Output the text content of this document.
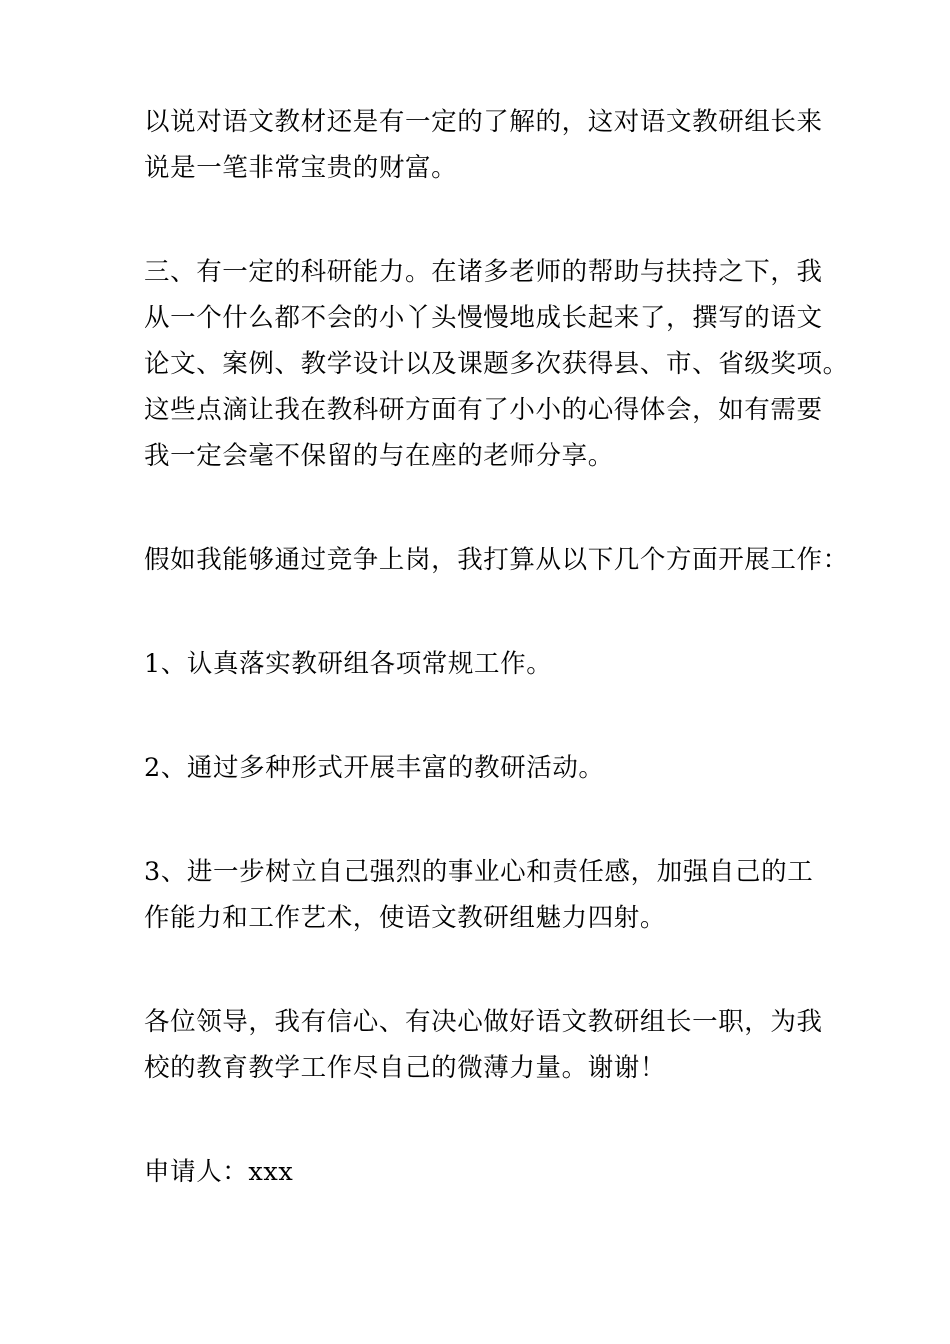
以说对语文教材还是有一定的了解的，这对语文教研组长来
说是一笔非常宝贵的财富。

三、有一定的科研能力。在诸多老师的帮助与扶持之下，我
从一个什么都不会的小丫头慢慢地成长起来了，撰写的语文
论文、案例、教学设计以及课题多次获得县、市、省级奖项。
这些点滴让我在教科研方面有了小小的心得体会，如有需要
我一定会毫不保留的与在座的老师分享。

假如我能够通过竞争上岗，我打算从以下几个方面开展工作：

1、认真落实教研组各项常规工作。

2、通过多种形式开展丰富的教研活动。

3、进一步树立自己强烈的事业心和责任感，加强自己的工
作能力和工作艺术，使语文教研组魅力四射。

各位领导，我有信心、有决心做好语文教研组长一职，为我
校的教育教学工作尽自己的微薄力量。谢谢！

申请人：xxx
